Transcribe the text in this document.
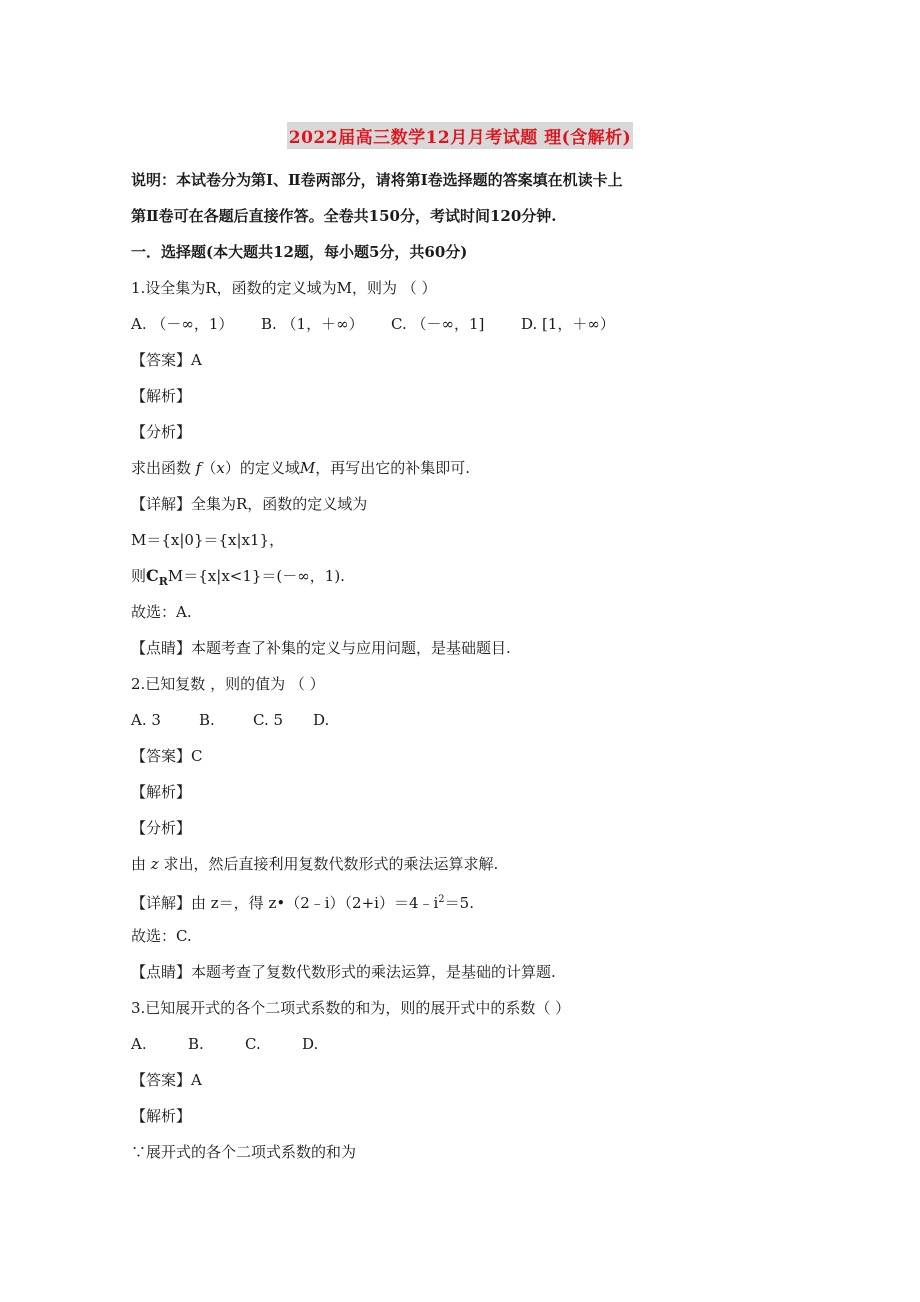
2022届高三数学12月月考试题 理(含解析)
说明：本试卷分为第Ⅰ、Ⅱ卷两部分，请将第Ⅰ卷选择题的答案填在机读卡上
第Ⅱ卷可在各题后直接作答。全卷共150分，考试时间120分钟.
一．选择题(本大题共12题，每小题5分，共60分)
1.设全集为R，函数的定义域为M，则为 （ ）
A. （－∞，1） B. （1，＋∞） C. （－∞，1] D. [1，＋∞）
【答案】A
【解析】
【分析】
求出函数 f（x）的定义域M，再写出它的补集即可.
【详解】全集为R，函数的定义域为
M＝{x|0}＝{x|x1}，
则$C_RM=\{x|x<1\}=(-\infty$，1).
故选：A.
【点睛】本题考查了补集的定义与应用问题，是基础题目.
2.已知复数 ，则的值为 （ ）
A. 3	B.	C. 5 D.
【答案】C
【解析】
【分析】
由 z 求出，然后直接利用复数代数形式的乘法运算求解.
【详解】由 z＝，得 $z•(2﹣i)(2+i)=4﹣i^2=5$.
故选：C.
【点睛】本题考查了复数代数形式的乘法运算，是基础的计算题.
3.已知展开式的各个二项式系数的和为，则的展开式中的系数（ ）
A.	B.	C.	D.
【答案】A
【解析】
∵展开式的各个二项式系数的和为
